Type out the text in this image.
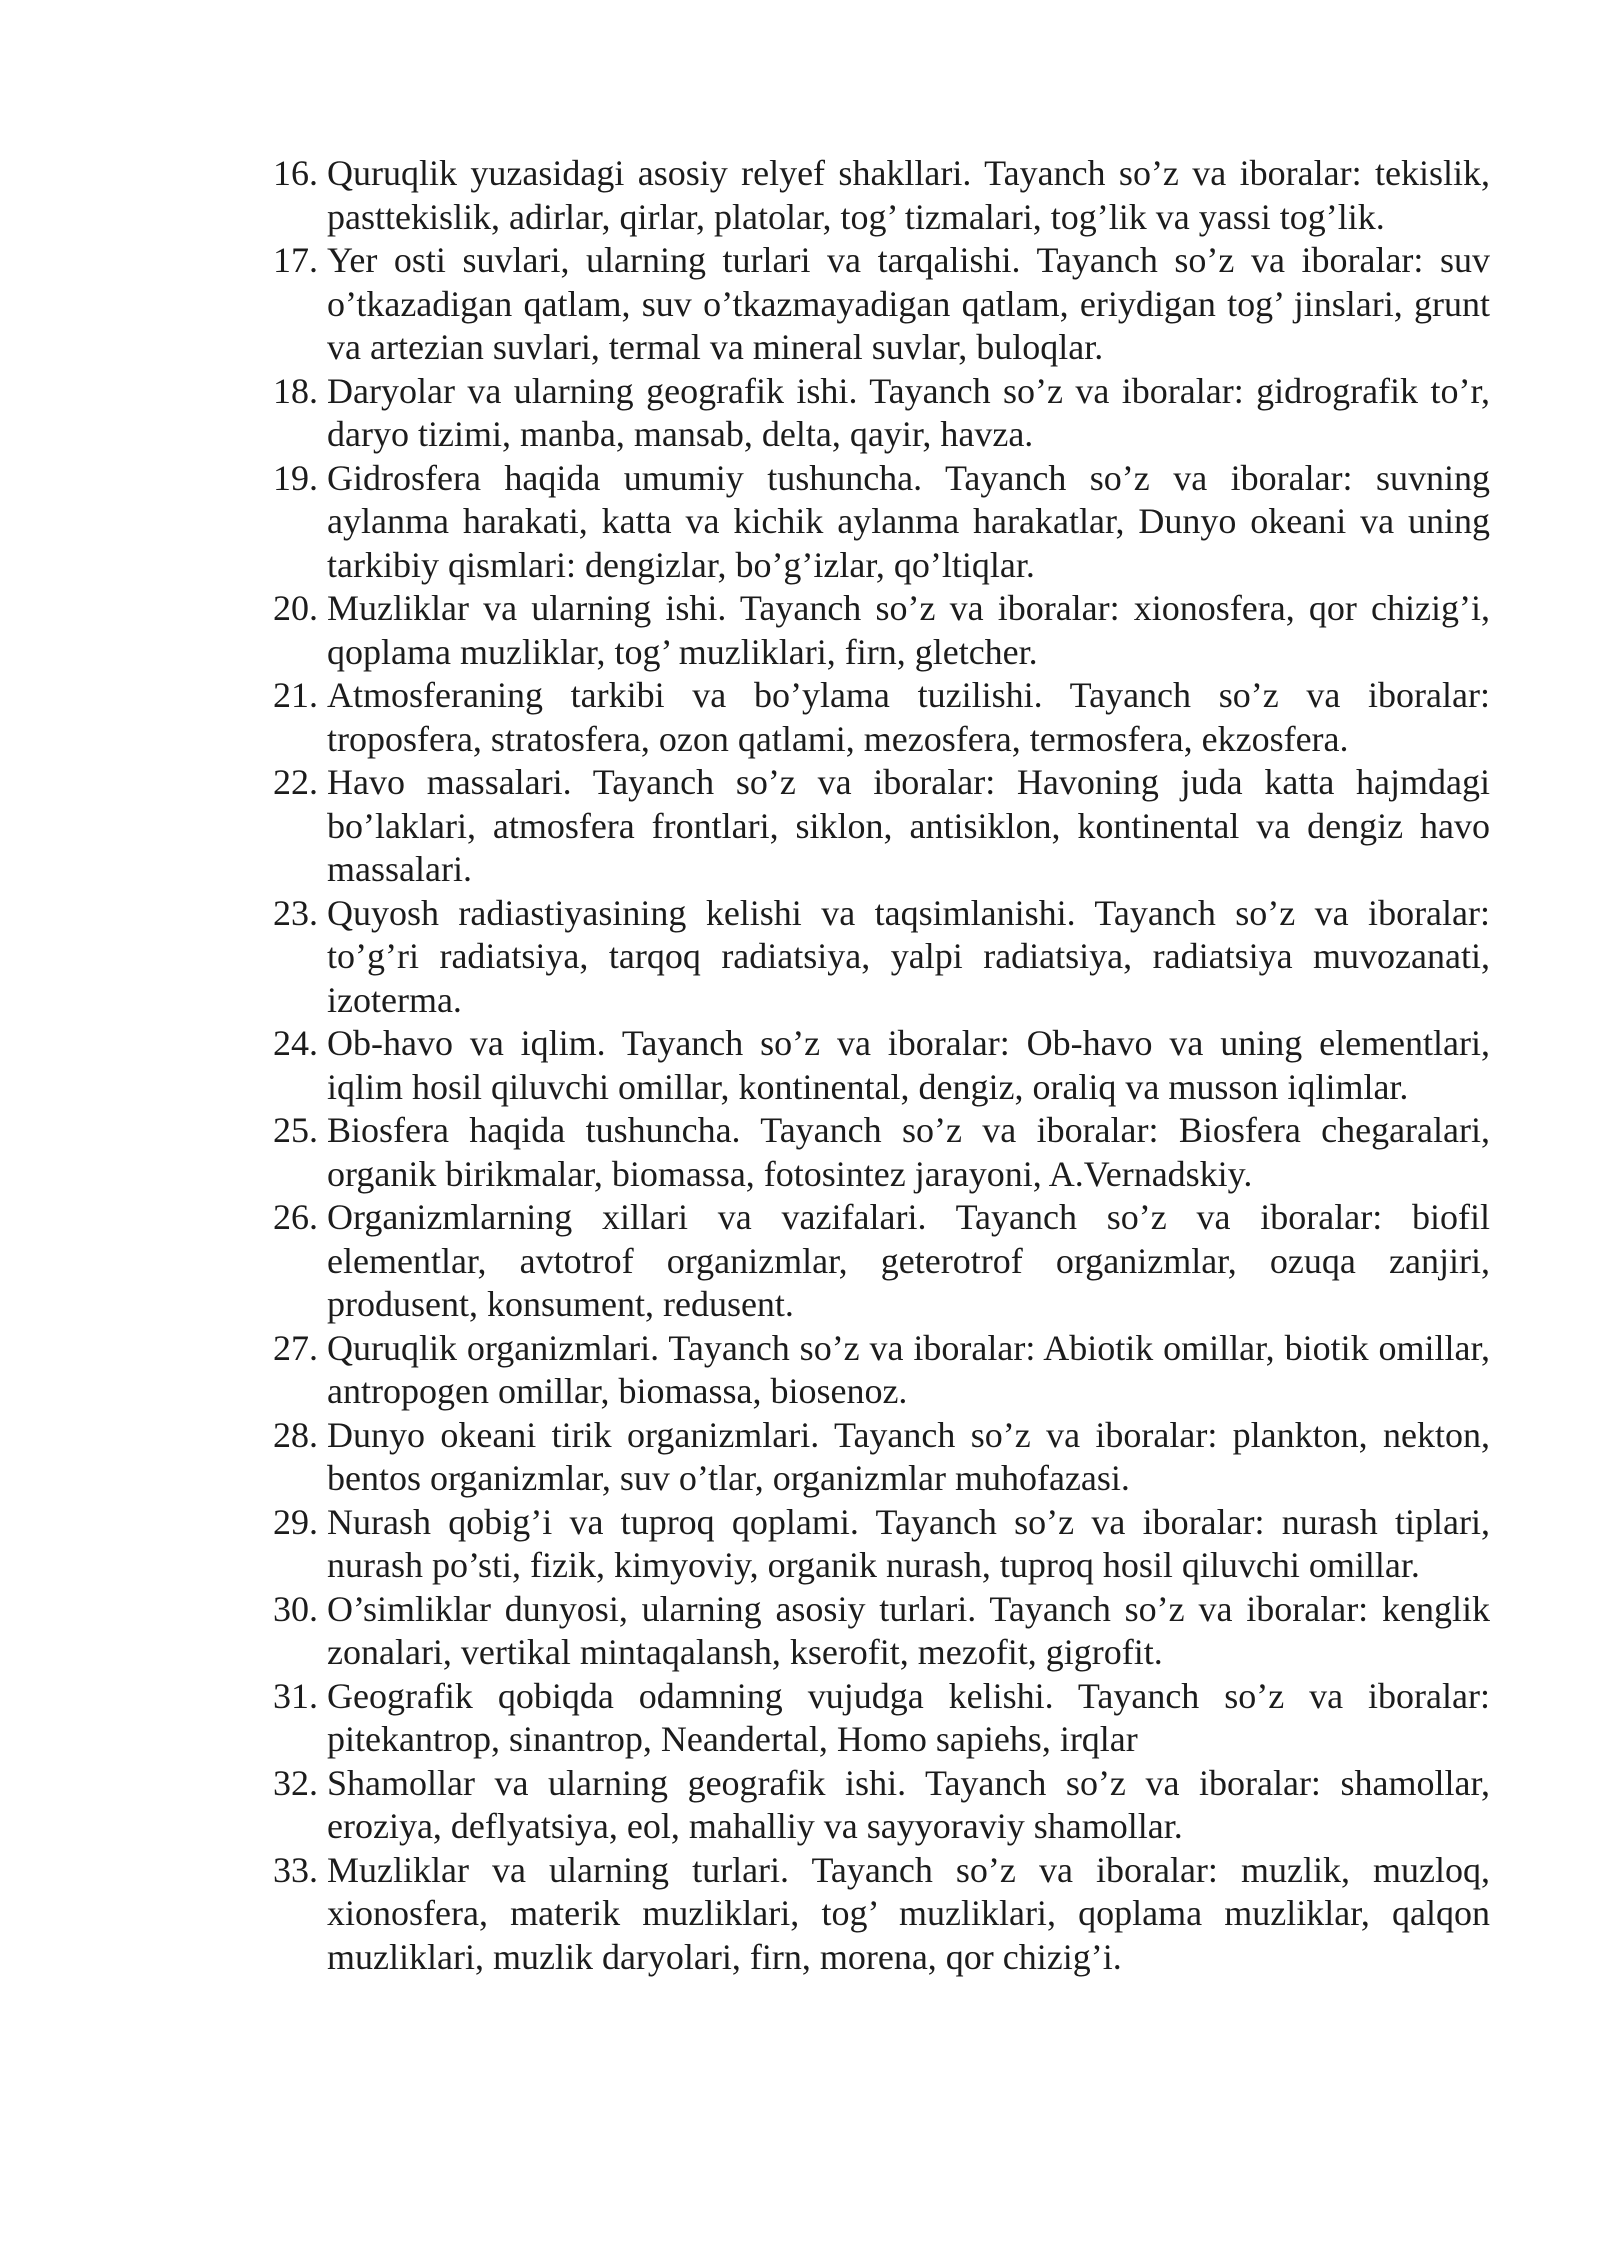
16. Quruqlik yuzasidagi asosiy relyef shakllari. Tayanch so’z va iboralar: tekislik, pasttekislik, adirlar, qirlar, platolar, tog’ tizmalari, tog’lik va yassi tog’lik.
17. Yer osti suvlari, ularning turlari va tarqalishi. Tayanch so’z va iboralar: suv o’tkazadigan qatlam, suv o’tkazmayadigan qatlam, eriydigan tog’ jinslari, grunt va artezian suvlari, termal va mineral suvlar, buloqlar.
18. Daryolar va ularning geografik ishi. Tayanch so’z va iboralar: gidrografik to’r, daryo tizimi, manba, mansab, delta, qayir, havza.
19. Gidrosfera haqida umumiy tushuncha. Tayanch so’z va iboralar: suvning aylanma harakati, katta va kichik aylanma harakatlar, Dunyo okeani va uning tarkibiy qismlari: dengizlar, bo’g’izlar, qo’ltiqlar.
20. Muzliklar va ularning ishi. Tayanch so’z va iboralar: xionosfera, qor chizig’i, qoplama muzliklar, tog’ muzliklari, firn, gletcher.
21. Atmosferaning tarkibi va bo’ylama tuzilishi. Tayanch so’z va iboralar: troposfera, stratosfera, ozon qatlami, mezosfera, termosfera, ekzosfera.
22. Havo massalari. Tayanch so’z va iboralar: Havoning juda katta hajmdagi bo’laklari, atmosfera frontlari, siklon, antisiklon, kontinental va dengiz havo massalari.
23. Quyosh radiastiyasining kelishi va taqsimlanishi. Tayanch so’z va iboralar: to’g’ri radiatsiya, tarqoq radiatsiya, yalpi radiatsiya, radiatsiya muvozanati, izoterma.
24. Ob-havo va iqlim. Tayanch so’z va iboralar: Ob-havo va uning elementlari, iqlim hosil qiluvchi omillar, kontinental, dengiz, oraliq va musson iqlimlar.
25. Biosfera haqida tushuncha. Tayanch so’z va iboralar: Biosfera chegaralari, organik birikmalar, biomassa, fotosintez jarayoni, A.Vernadskiy.
26. Organizmlarning xillari va vazifalari. Tayanch so’z va iboralar: biofil elementlar, avtotrof organizmlar, geterotrof organizmlar, ozuqa zanjiri, produsent, konsument, redusent.
27. Quruqlik organizmlari. Tayanch so’z va iboralar: Abiotik omillar, biotik omillar, antropogen omillar, biomassa, biosenoz.
28. Dunyo okeani tirik organizmlari. Tayanch so’z va iboralar: plankton, nekton, bentos organizmlar, suv o’tlar, organizmlar muhofazasi.
29. Nurash qobig’i va tuproq qoplami. Tayanch so’z va iboralar: nurash tiplari, nurash po’sti, fizik, kimyoviy, organik nurash, tuproq hosil qiluvchi omillar.
30. O’simliklar dunyosi, ularning asosiy turlari. Tayanch so’z va iboralar: kenglik zonalari, vertikal mintaqalansh, kserofit, mezofit, gigrofit.
31. Geografik qobiqda odamning vujudga kelishi. Tayanch so’z va iboralar: pitekantrop, sinantrop, Neandertal, Homo sapiehs, irqlar
32. Shamollar va ularning geografik ishi. Tayanch so’z va iboralar: shamollar, eroziya, deflyatsiya, eol, mahalliy va sayyoraviy shamollar.
33. Muzliklar va ularning turlari. Tayanch so’z va iboralar: muzlik, muzloq, xionosfera, materik muzliklari, tog’ muzliklari, qoplama muzliklar, qalqon muzliklari, muzlik daryolari, firn, morena, qor chizig’i.
